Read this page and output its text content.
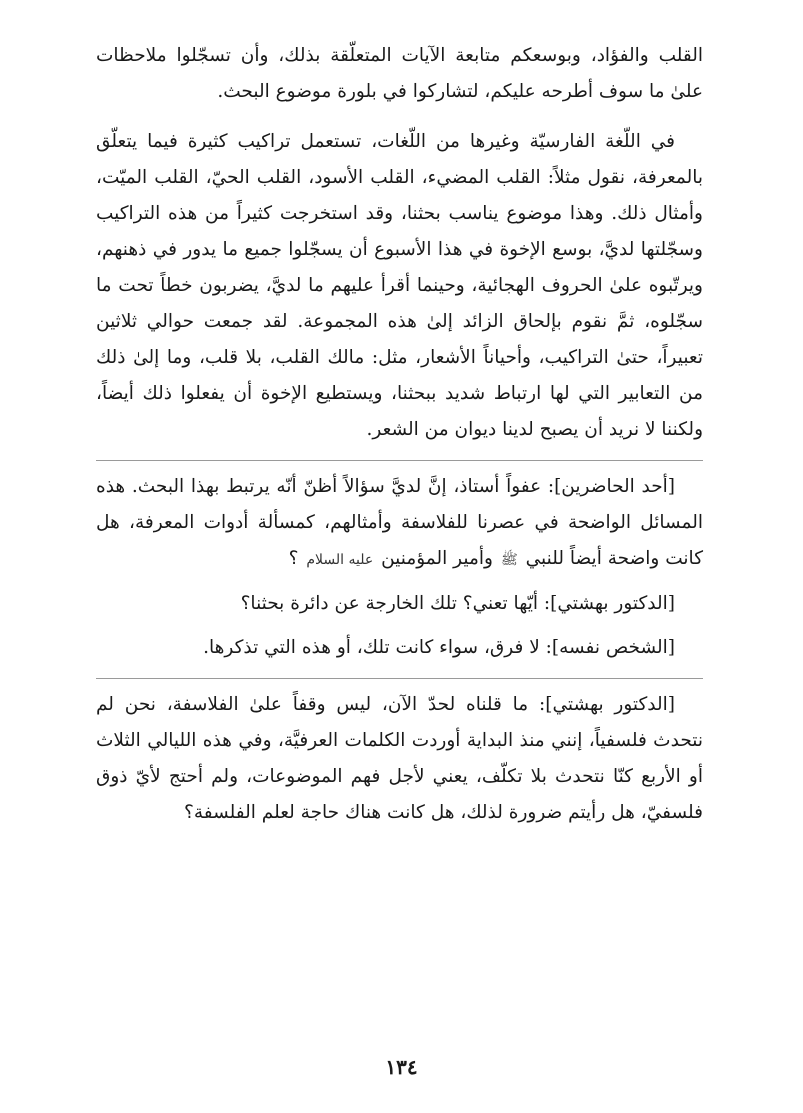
القلب والفؤاد، وبوسعكم متابعة الآيات المتعلّقة بذلك، وأن تسجّلوا ملاحظات علىٰ ما سوف أطرحه عليكم، لتشاركوا في بلورة موضوع البحث.

في اللّغة الفارسيّة وغيرها من اللّغات، تستعمل تراكيب كثيرة فيما يتعلّق بالمعرفة، نقول مثلاً: القلب المضيء، القلب الأسود، القلب الحيّ، القلب الميّت، وأمثال ذلك. وهذا موضوع يناسب بحثنا، وقد استخرجت كثيراً من هذه التراكيب وسجّلتها لديَّ، بوسع الإخوة في هذا الأسبوع أن يسجّلوا جميع ما يدور في ذهنهم، ويرتّبوه علىٰ الحروف الهجائية، وحينما أقرأ عليهم ما لديَّ، يضربون خطاً تحت ما سجّلوه، ثمَّ نقوم بإلحاق الزائد إلىٰ هذه المجموعة. لقد جمعت حوالي ثلاثين تعبيراً، حتىٰ التراكيب، وأحياناً الأشعار، مثل: مالك القلب، بلا قلب، وما إلىٰ ذلك من التعابير التي لها ارتباط شديد ببحثنا، ويستطيع الإخوة أن يفعلوا ذلك أيضاً، ولكننا لا نريد أن يصبح لدينا ديوان من الشعر.

[أحد الحاضرين]: عفواً أستاذ، إنَّ لديَّ سؤالاً أظنّ أنّه يرتبط بهذا البحث. هذه المسائل الواضحة في عصرنا للفلاسفة وأمثالهم، كمسألة أدوات المعرفة، هل كانت واضحة أيضاً للنبي ﷺ وأمير المؤمنين عليه السلام ؟

[الدكتور بهشتي]: أيّها تعني؟ تلك الخارجة عن دائرة بحثنا؟

[الشخص نفسه]: لا فرق، سواء كانت تلك، أو هذه التي تذكرها.

[الدكتور بهشتي]: ما قلناه لحدّ الآن، ليس وقفاً علىٰ الفلاسفة، نحن لم نتحدث فلسفياً، إنني منذ البداية أوردت الكلمات العرفيَّة، وفي هذه الليالي الثلاث أو الأربع كنّا نتحدث بلا تكلّف، يعني لأجل فهم الموضوعات، ولم أحتج لأيّ ذوق فلسفيّ، هل رأيتم ضرورة لذلك، هل كانت هناك حاجة لعلم الفلسفة؟

١٣٤
